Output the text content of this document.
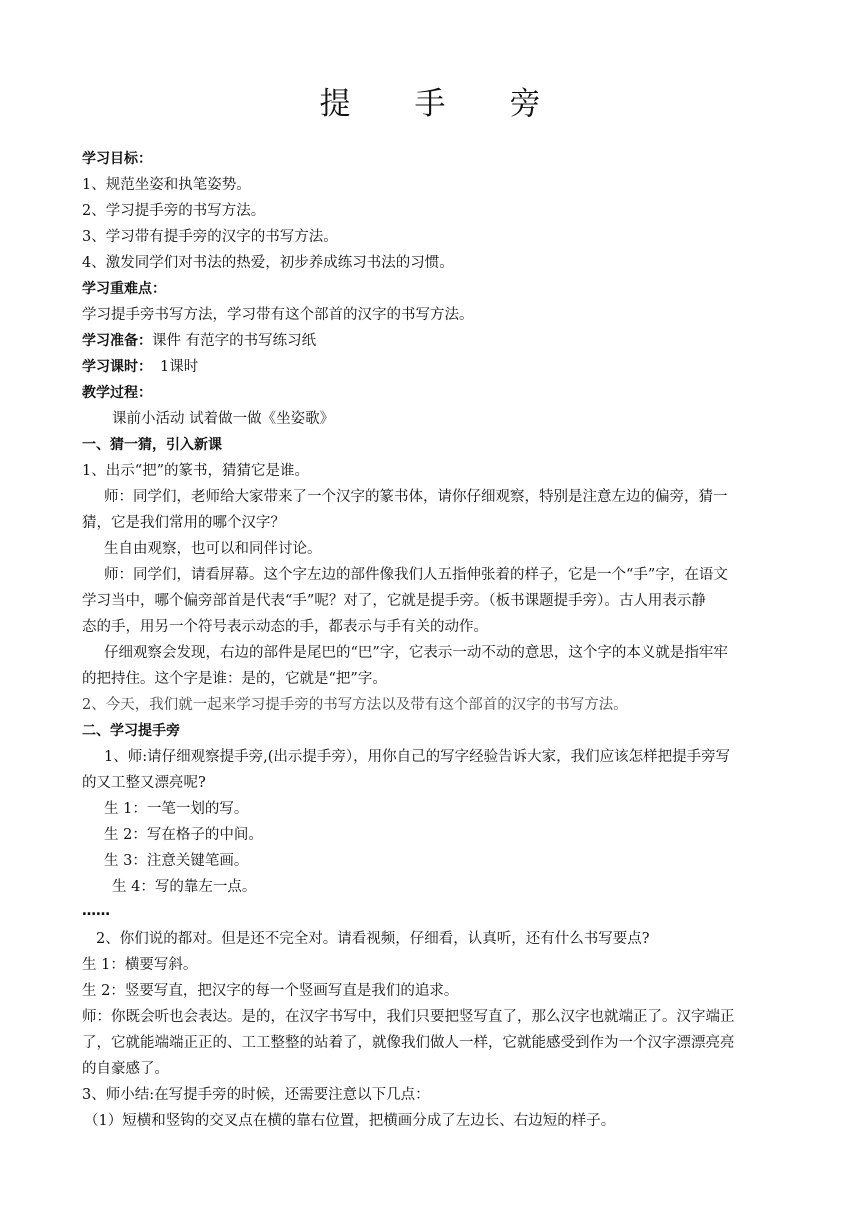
提 手 旁
学习目标：
1、规范坐姿和执笔姿势。
2、学习提手旁的书写方法。
3、学习带有提手旁的汉字的书写方法。
4、激发同学们对书法的热爱，初步养成练习书法的习惯。
学习重难点：
学习提手旁书写方法，学习带有这个部首的汉字的书写方法。
学习准备：课件 有范字的书写练习纸
学习课时： 1课时
教学过程：
课前小活动 试着做一做《坐姿歌》
一、猜一猜，引入新课
1、出示“把”的篆书，猜猜它是谁。
师：同学们，老师给大家带来了一个汉字的篆书体，请你仔细观察，特别是注意左边的偏旁，猜一
猜，它是我们常用的哪个汉字？
生自由观察，也可以和同伴讨论。
师：同学们，请看屏幕。这个字左边的部件像我们人五指伸张着的样子，它是一个“手”字，在语文
学习当中，哪个偏旁部首是代表“手”呢？对了，它就是提手旁。（板书课题提手旁）。古人用表示静
态的手，用另一个符号表示动态的手，都表示与手有关的动作。
仔细观察会发现，右边的部件是尾巴的“巴”字，它表示一动不动的意思，这个字的本义就是指牢牢
的把持住。这个字是谁：是的，它就是“把”字。
2、今天，我们就一起来学习提手旁的书写方法以及带有这个部首的汉字的书写方法。
二、学习提手旁
1、师:请仔细观察提手旁,(出示提手旁），用你自己的写字经验告诉大家，我们应该怎样把提手旁写
的又工整又漂亮呢?
生 1：一笔一划的写。
生 2：写在格子的中间。
生 3：注意关键笔画。
生 4：写的靠左一点。
……
2、你们说的都对。但是还不完全对。请看视频，仔细看，认真听，还有什么书写要点?
生 1：横要写斜。
生 2：竖要写直，把汉字的每一个竖画写直是我们的追求。
师：你既会听也会表达。是的，在汉字书写中，我们只要把竖写直了，那么汉字也就端正了。汉字端正
了，它就能端端正正的、工工整整的站着了，就像我们做人一样，它就能感受到作为一个汉字漂漂亮亮
的自豪感了。
3、师小结:在写提手旁的时候，还需要注意以下几点：
（1）短横和竖钩的交叉点在横的靠右位置，把横画分成了左边长、右边短的样子。
